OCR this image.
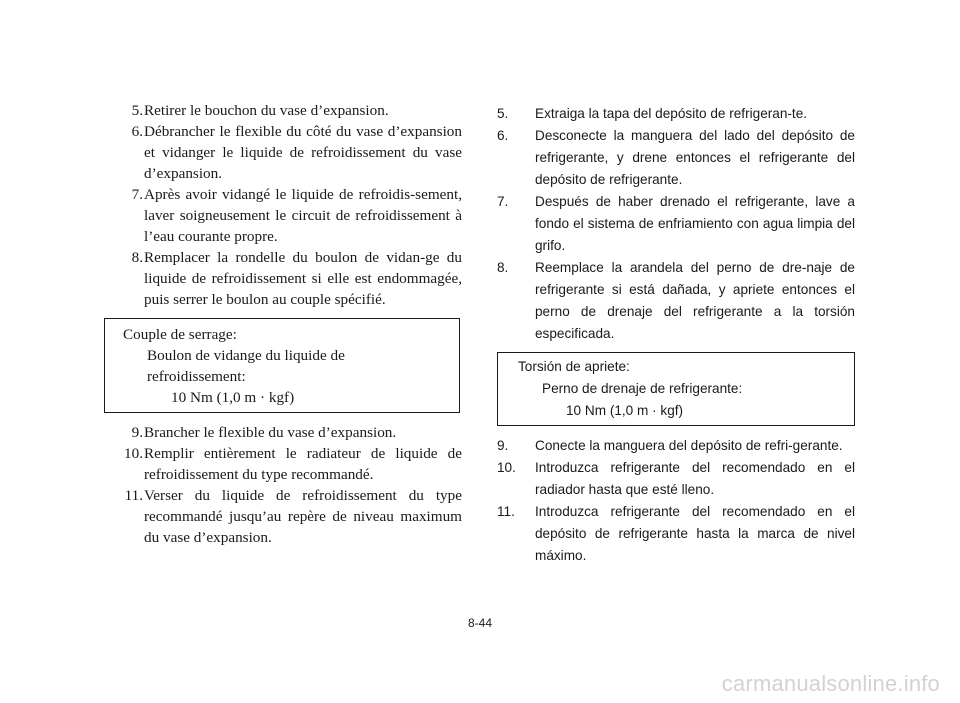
5. Retirer le bouchon du vase d’expansion.
6. Débrancher le flexible du côté du vase d’expansion et vidanger le liquide de refroidissement du vase d’expansion.
7. Après avoir vidangé le liquide de refroidis-sement, laver soigneusement le circuit de refroidissement à l’eau courante propre.
8. Remplacer la rondelle du boulon de vidan-ge du liquide de refroidissement si elle est endommagée, puis serrer le boulon au couple spécifié.
Couple de serrage:
Boulon de vidange du liquide de
refroidissement:
10 Nm (1,0 m · kgf)
9. Brancher le flexible du vase d’expansion.
10. Remplir entièrement le radiateur de liquide de refroidissement du type recommandé.
11. Verser du liquide de refroidissement du type recommandé jusqu’au repère de niveau maximum du vase d’expansion.
5.	Extraiga la tapa del depósito de refrigeran-te.
6.	Desconecte la manguera del lado del depósito de refrigerante, y drene entonces el refrigerante del depósito de refrigerante.
7.	Después de haber drenado el refrigerante, lave a fondo el sistema de enfriamiento con agua limpia del grifo.
8.	Reemplace la arandela del perno de dre-naje de refrigerante si está dañada, y apriete entonces el perno de drenaje del refrigerante a la torsión especificada.
Torsión de apriete:
Perno de drenaje de refrigerante:
10 Nm (1,0 m · kgf)
9.	Conecte la manguera del depósito de refri-gerante.
10.	Introduzca refrigerante del recomendado en el radiador hasta que esté lleno.
11.	Introduzca refrigerante del recomendado en el depósito de refrigerante hasta la marca de nivel máximo.
8-44
carmanualsonline.info
